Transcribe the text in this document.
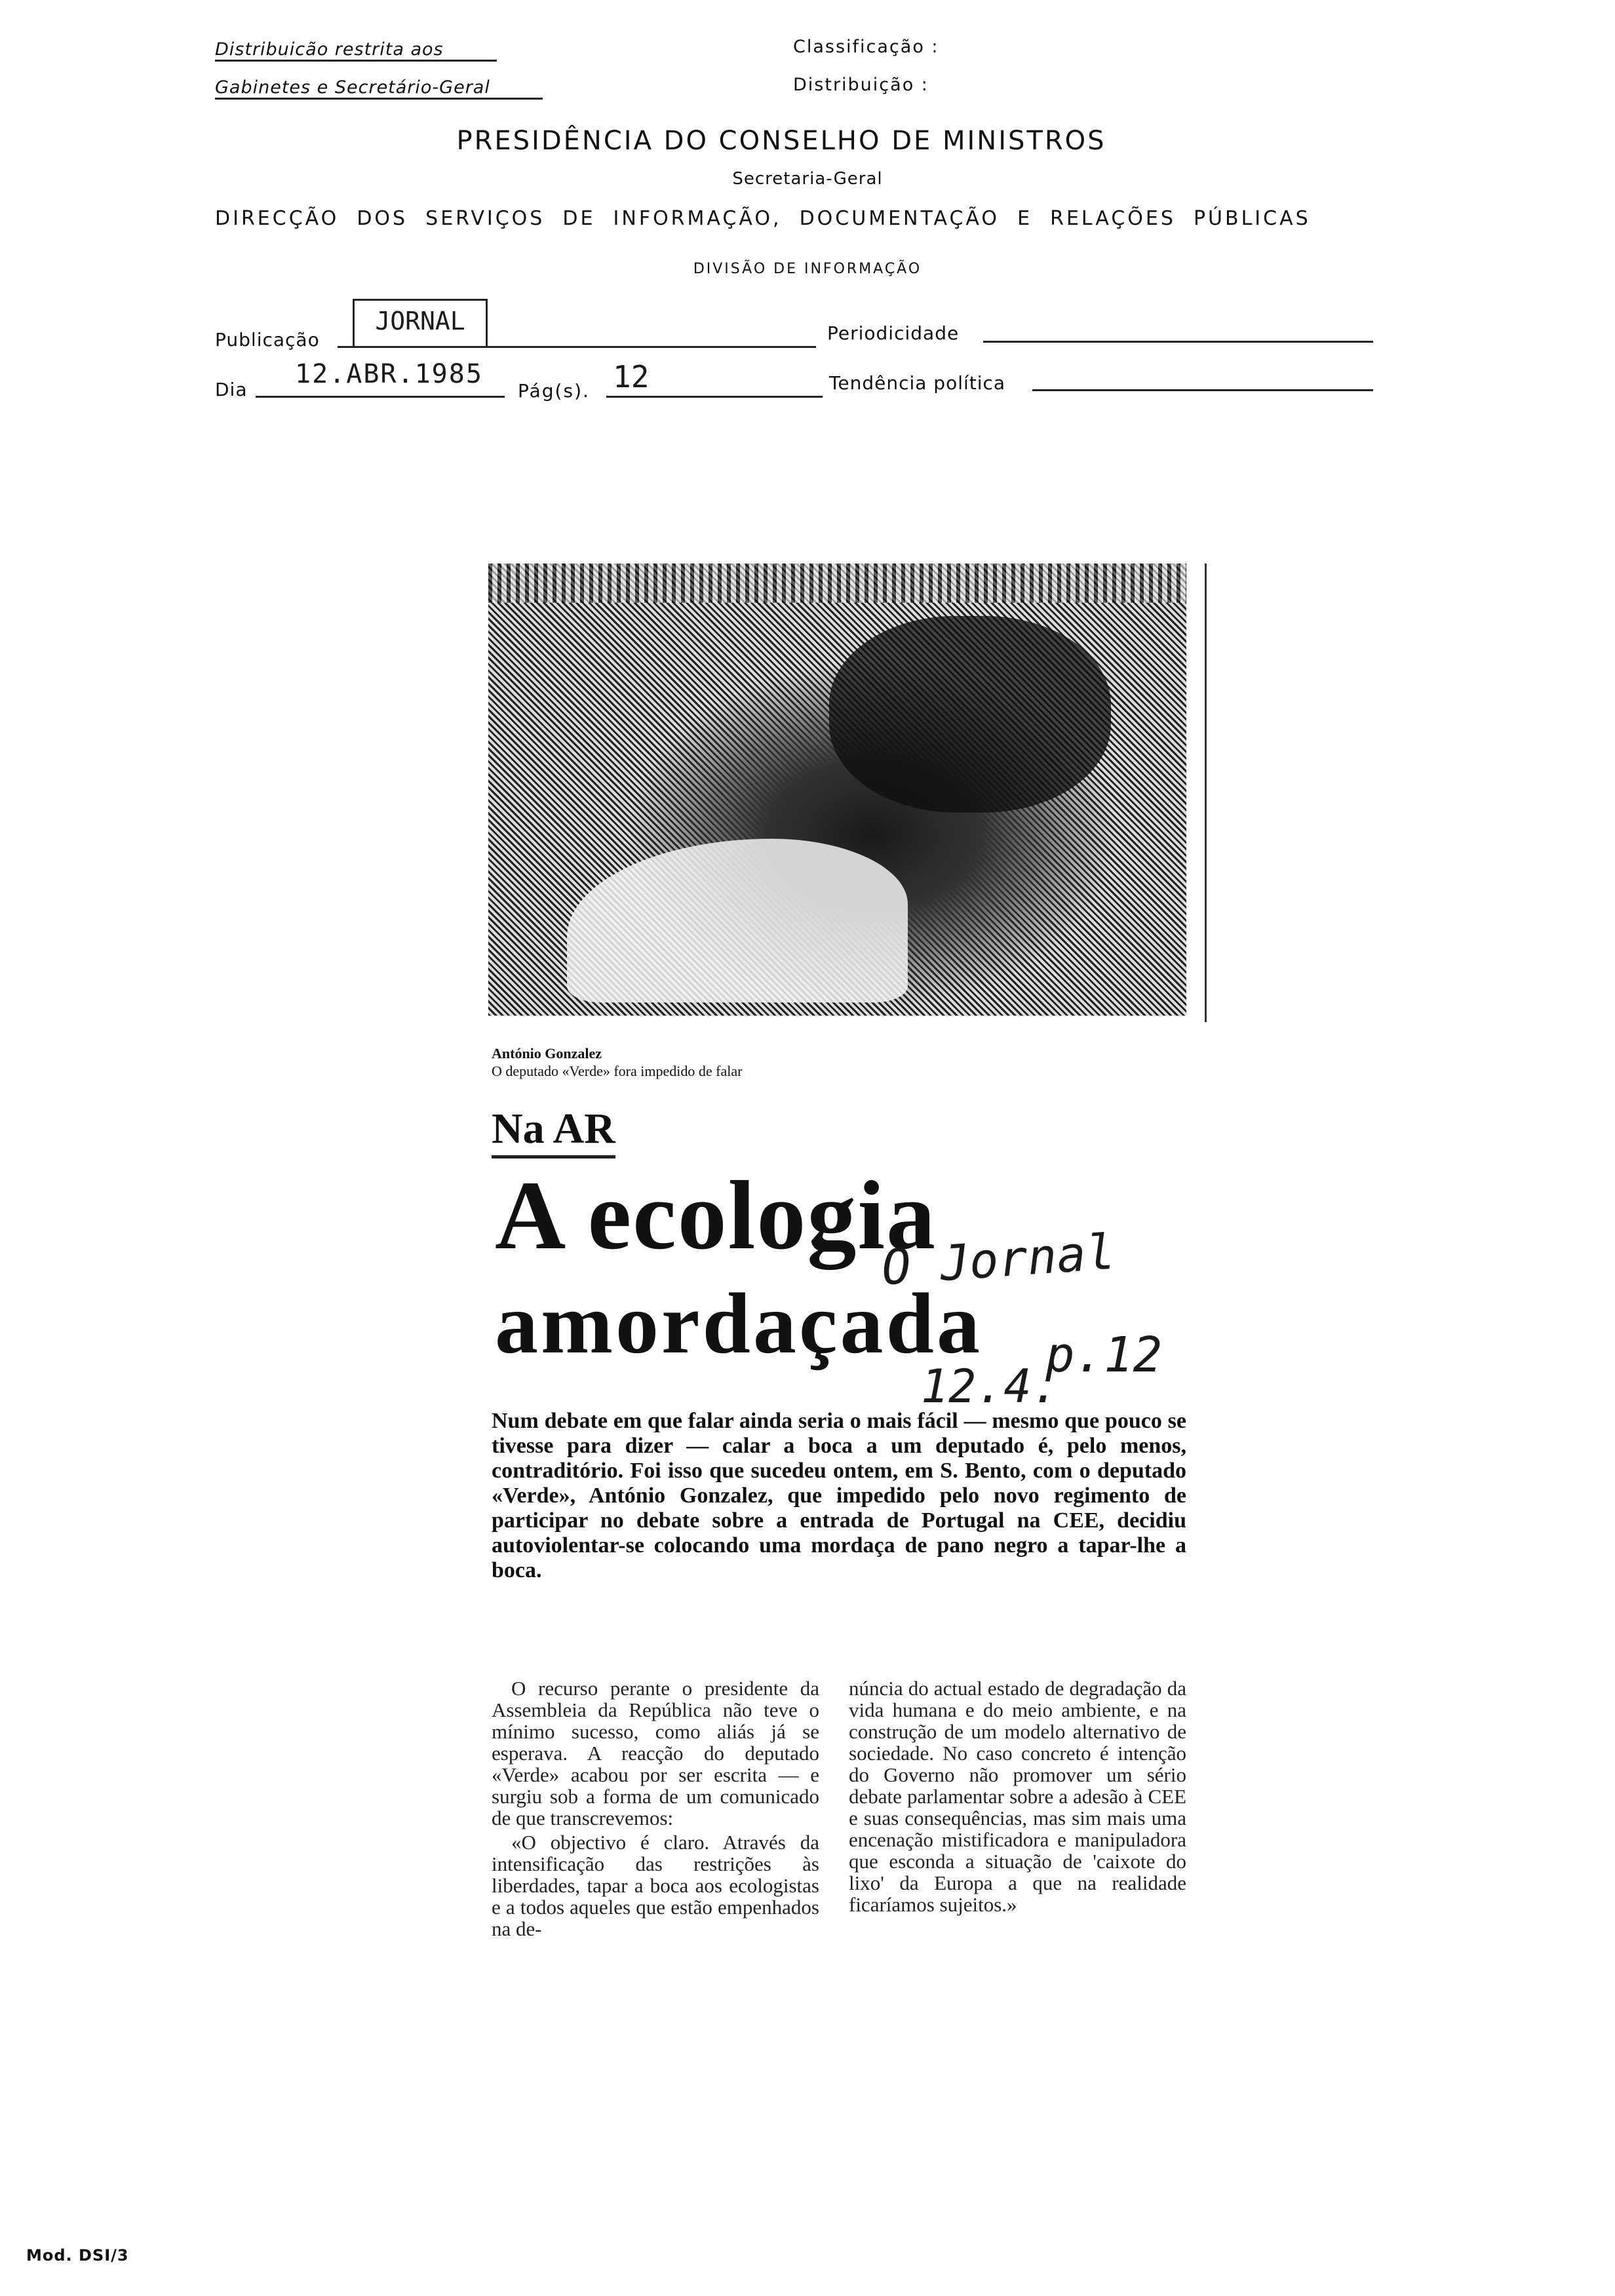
Distribuicão restrita aos
Gabinetes e Secretário-Geral
Classificação :
Distribuição :
PRESIDÊNCIA DO CONSELHO DE MINISTROS
Secretaria-Geral
DIRECÇÃO  DOS  SERVIÇOS  DE  INFORMAÇÃO,  DOCUMENTAÇÃO  E  RELAÇÕES  PÚBLICAS
DIVISÃO DE INFORMAÇÃO
Publicação
JORNAL	Periodicidade
Dia
12.ABR.1985
Pág(s). 12	Tendência política
António Gonzalez
O deputado «Verde» fora impedido de falar
Na AR
A ecologia
amordaçada
O Jornal
p.12
12.4.
Num debate em que falar ainda seria o mais fácil — mesmo que pouco se tivesse para dizer — calar a boca a um deputado é, pelo menos, contraditório. Foi isso que sucedeu ontem, em S. Bento, com o deputado «Verde», António Gonzalez, que impedido pelo novo regimento de participar no debate sobre a entrada de Portugal na CEE, decidiu autoviolentar-se colocando uma mordaça de pano negro a tapar-lhe a boca.

O recurso perante o presidente da Assembleia da República não teve o mínimo sucesso, como aliás já se esperava. A reacção do deputado «Verde» acabou por ser escrita — e surgiu sob a forma de um comunicado de que transcrevemos:

«O objectivo é claro. Através da intensificação das restrições às liberdades, tapar a boca aos ecologistas e a todos aqueles que estão empenhados na de-

núncia do actual estado de degradação da vida humana e do meio ambiente, e na construção de um modelo alternativo de sociedade. No caso concreto é intenção do Governo não promover um sério debate parlamentar sobre a adesão à CEE e suas consequências, mas sim mais uma encenação mistificadora e manipuladora que esconda a situação de 'caixote do lixo' da Europa a que na realidade ficaríamos sujeitos.»

Mod. DSI/3
